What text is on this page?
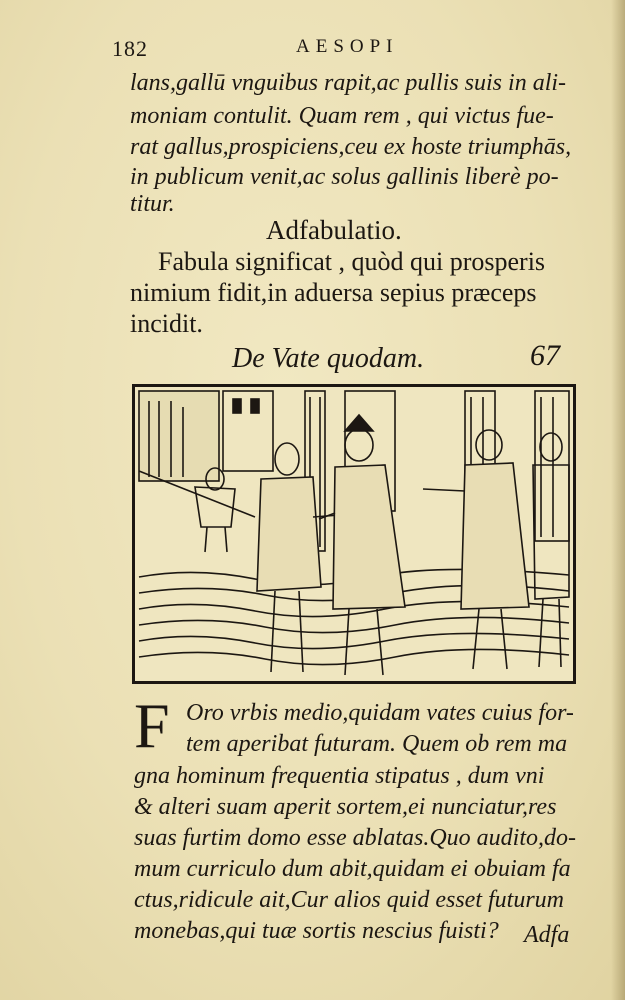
182	AESOPI
lans,gallū vnguibus rapit,ac pullis suis in ali-
moniam contulit. Quam rem , qui victus fue-
rat gallus,prospiciens,ceu ex hoste triumphās,
in publicum venit,ac solus gallinis liberè po-
titur.
Adfabulatio.
Fabula significat , quòd qui prosperis
nimium fidit,in aduersa sepius præceps
incidit.
De Vate quodam.	67
F Oro vrbis medio,quidam vates cuius for-
tem aperibat futuram. Quem ob rem ma
gna hominum frequentia stipatus , dum vni
& alteri suam aperit sortem,ei nunciatur,res
suas furtim domo esse ablatas.Quo audito,do-
mum curriculo dum abit,quidam ei obuiam fa
ctus,ridicule ait,Cur alios quid esset futurum
monebas,qui tuæ sortis nescius fuisti? Adfa
